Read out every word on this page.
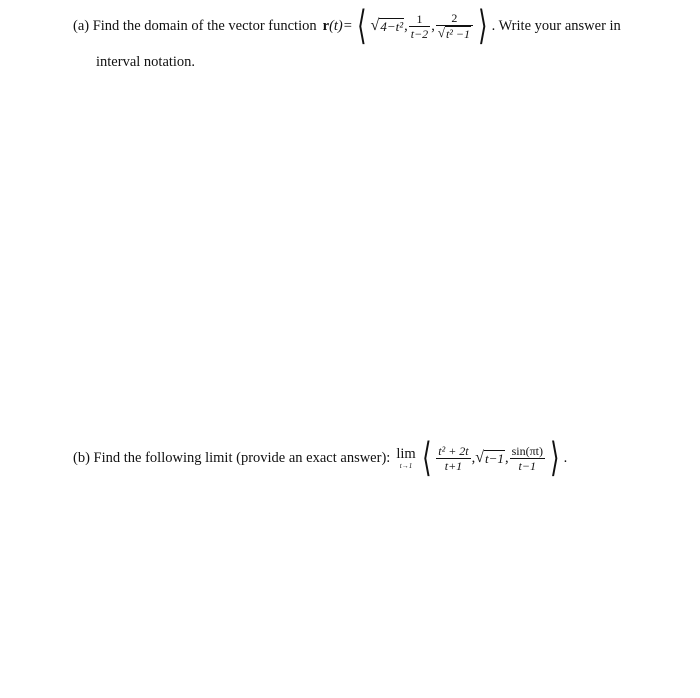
(a) Find the domain of the vector function r(t) = ⟨ √ 4−t² , $\frac{1}{t-2}$ , $\frac{2}{\text{√ t² −1}}$ ⟩ . Write your answer in
interval notation.
(b) Find the following limit (provide an exact answer): lim
t→1 ⟨ $\frac{\text{t² + 2t}}{t+1}$ , √ t−1 , $\frac{\sin(\pi t)}{t-1}$ ⟩ .
